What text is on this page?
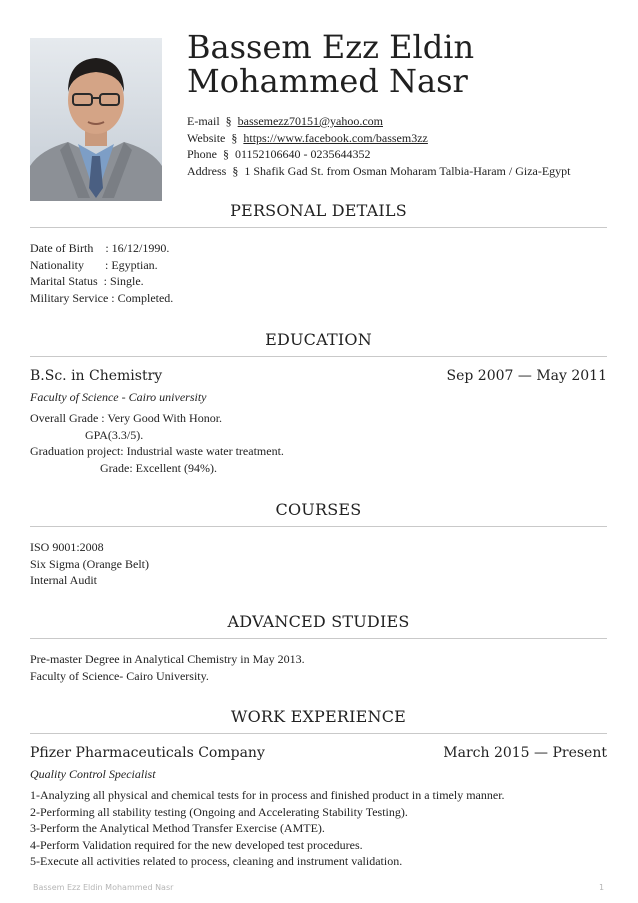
Bassem Ezz Eldin
Mohammed Nasr
E-mail § bassemezz70151@yahoo.com
Website § https://www.facebook.com/bassem3zz
Phone § 01152106640 - 0235644352
Address § 1 Shafik Gad St. from Osman Moharam Talbia-Haram / Giza-Egypt
PERSONAL DETAILS
Date of Birth    : 16/12/1990.
Nationality       : Egyptian.
Marital Status  : Single.
Military Service : Completed.
EDUCATION
B.Sc. in Chemistry	Sep 2007 — May 2011
Faculty of Science - Cairo university
Overall Grade : Very Good With Honor.
GPA(3.3/5).
Graduation project: Industrial waste water treatment.
Grade: Excellent (94%).
COURSES
ISO 9001:2008
Six Sigma (Orange Belt)
Internal Audit
ADVANCED STUDIES
Pre-master Degree in Analytical Chemistry in May 2013.
Faculty of Science- Cairo University.
WORK EXPERIENCE
Pfizer Pharmaceuticals Company	March 2015 — Present
Quality Control Specialist
1-Analyzing all physical and chemical tests for in process and finished product in a timely manner.
2-Performing all stability testing (Ongoing and Accelerating Stability Testing).
3-Perform the Analytical Method Transfer Exercise (AMTE).
4-Perform Validation required for the new developed test procedures.
5-Execute all activities related to process, cleaning and instrument validation.
Bassem Ezz Eldin Mohammed Nasr	1
